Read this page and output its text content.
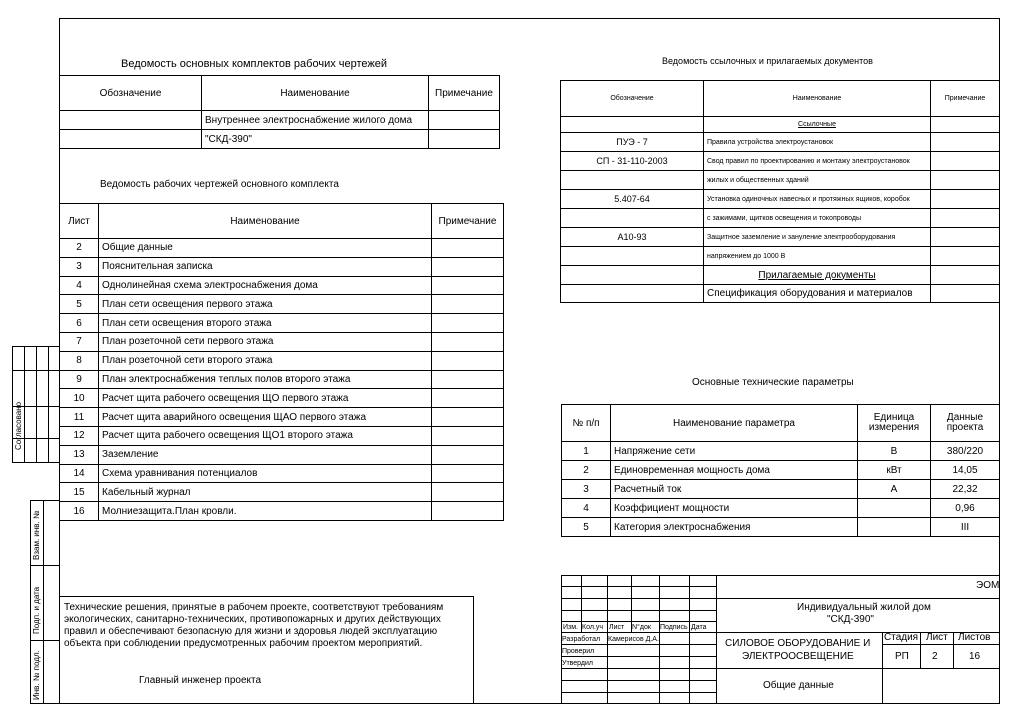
Согласовано
Взам. инв. №
Подп. и дата
Инв. № подл.
Ведомость основных комплектов рабочих чертежей
Обозначение	Наименование	Примечание
	Внутреннее электроснабжение жилого дома	
	"СКД-390"	
Ведомость рабочих чертежей основного комплекта
Лист	Наименование	Примечание
2	Общие данные	
3	Пояснительная записка	
4	Однолинейная схема электроснабжения дома	
5	План сети освещения первого этажа	
6	План сети освещения второго этажа	
7	План розеточной сети первого этажа	
8	План розеточной сети второго этажа	
9	План электроснабжения теплых полов второго этажа	
10	Расчет щита рабочего освещения ЩО первого этажа	
11	Расчет щита аварийного освещения ЩАО первого этажа	
12	Расчет щита рабочего освещения ЩО1 второго этажа	
13	Заземление	
14	Схема уравнивания потенциалов	
15	Кабельный журнал	
16	Молниезащита.План кровли.	
Ведомость ссылочных и прилагаемых документов
Обозначение	Наименование	Примечание
	Ссылочные	
ПУЭ - 7	Правила устройства электроустановок	
СП - 31-110-2003	Свод правил по проектированию и монтажу электроустановок	
	жилых и общественных зданий	
5.407-64	Установка одиночных навесных и протяжных ящиков, коробок	
	с зажимами, щитков освещения и токопроводы	
А10-93	Защитное заземление и зануление электрооборудования	
	напряжением до 1000 В	
	Прилагаемые документы	
	Спецификация оборудования и материалов	
Основные технические параметры
№ п/п	Наименование параметра	Единица измерения	Данные проекта
1	Напряжение сети	В	380/220
2	Единовременная мощность дома	кВт	14,05
3	Расчетный ток	А	22,32
4	Коэффициент мощности		0,96
5	Категория электроснабжения		III
Технические решения, принятые в рабочем проекте, соответствуют требованиям
экологических, санитарно-технических, противопожарных и других действующих
правил и обеспечивают безопасную для жизни и здоровья людей эксплуатацию
объекта при соблюдении предусмотренных рабочим проектом мероприятий.
Главный инженер проекта
ЭОМ
Индивидуальный жилой дом
"СКД-390"
Изм. Кол.уч Лист N°док Подпись Дата
Разработал Камерисов Д.А.
Проверил
Утвердил
СИЛОВОЕ ОБОРУДОВАНИЕ И
ЭЛЕКТРООСВЕЩЕНИЕ
Стадия Лист Листов
РП 2	16
Общие данные
